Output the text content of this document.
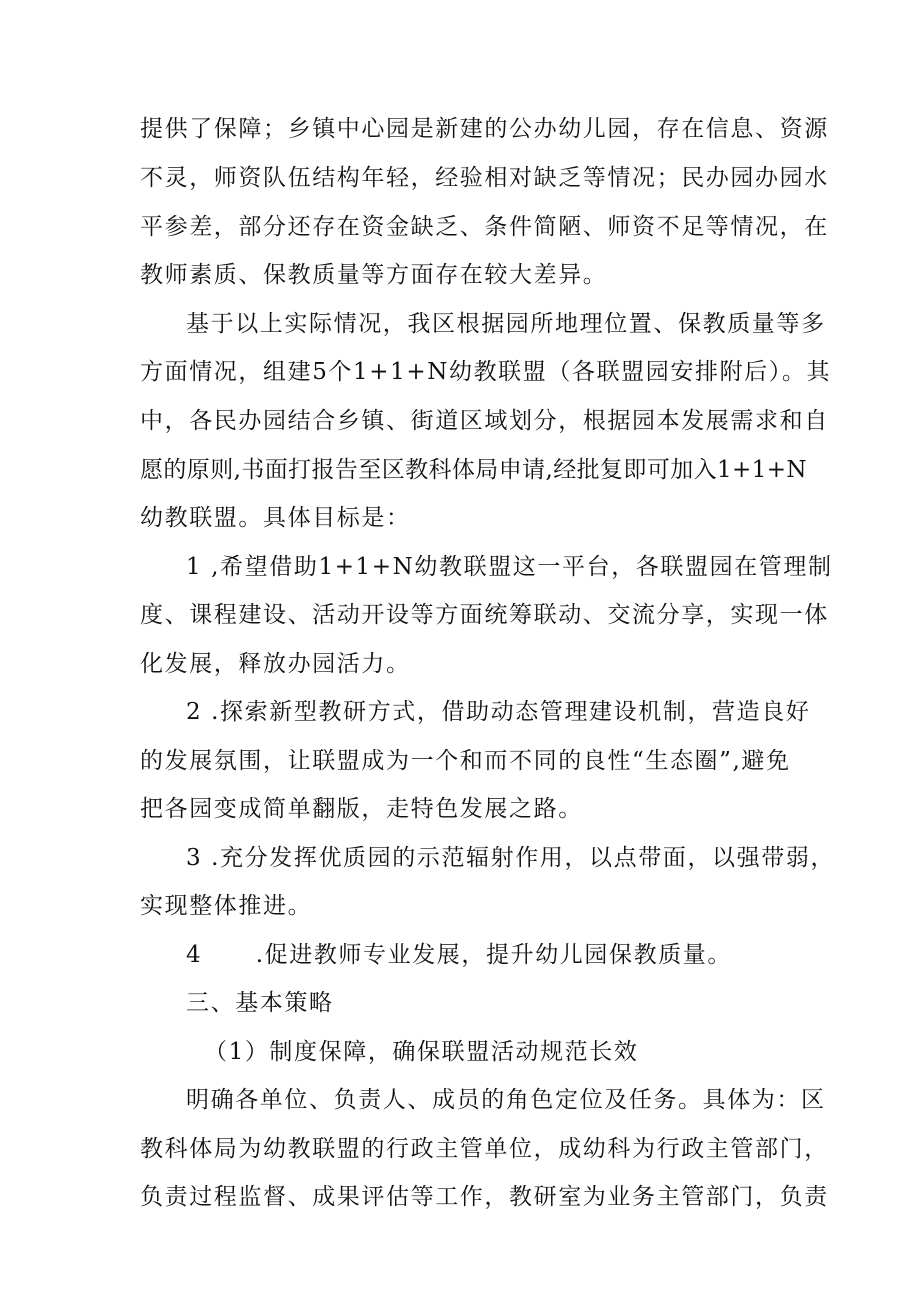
提供了保障；乡镇中心园是新建的公办幼儿园，存在信息、资源
不灵，师资队伍结构年轻，经验相对缺乏等情况；民办园办园水
平参差，部分还存在资金缺乏、条件简陋、师资不足等情况，在
教师素质、保教质量等方面存在较大差异。
基于以上实际情况，我区根据园所地理位置、保教质量等多
方面情况，组建5个1+1+N幼教联盟（各联盟园安排附后）。其
中，各民办园结合乡镇、街道区域划分，根据园本发展需求和自
愿的原则,书面打报告至区教科体局申请,经批复即可加入1+1+N
幼教联盟。具体目标是：
1 ,希望借助1+1+N幼教联盟这一平台，各联盟园在管理制
度、课程建设、活动开设等方面统筹联动、交流分享，实现一体
化发展，释放办园活力。
2 .探索新型教研方式，借助动态管理建设机制，营造良好
的发展氛围，让联盟成为一个和而不同的良性“生态圈”,避免
把各园变成简单翻版，走特色发展之路。
3 .充分发挥优质园的示范辐射作用，以点带面，以强带弱，
实现整体推进。
4      .促进教师专业发展，提升幼儿园保教质量。
三、基本策略
（1）制度保障，确保联盟活动规范长效
明确各单位、负责人、成员的角色定位及任务。具体为：区
教科体局为幼教联盟的行政主管单位，成幼科为行政主管部门，
负责过程监督、成果评估等工作，教研室为业务主管部门，负责
